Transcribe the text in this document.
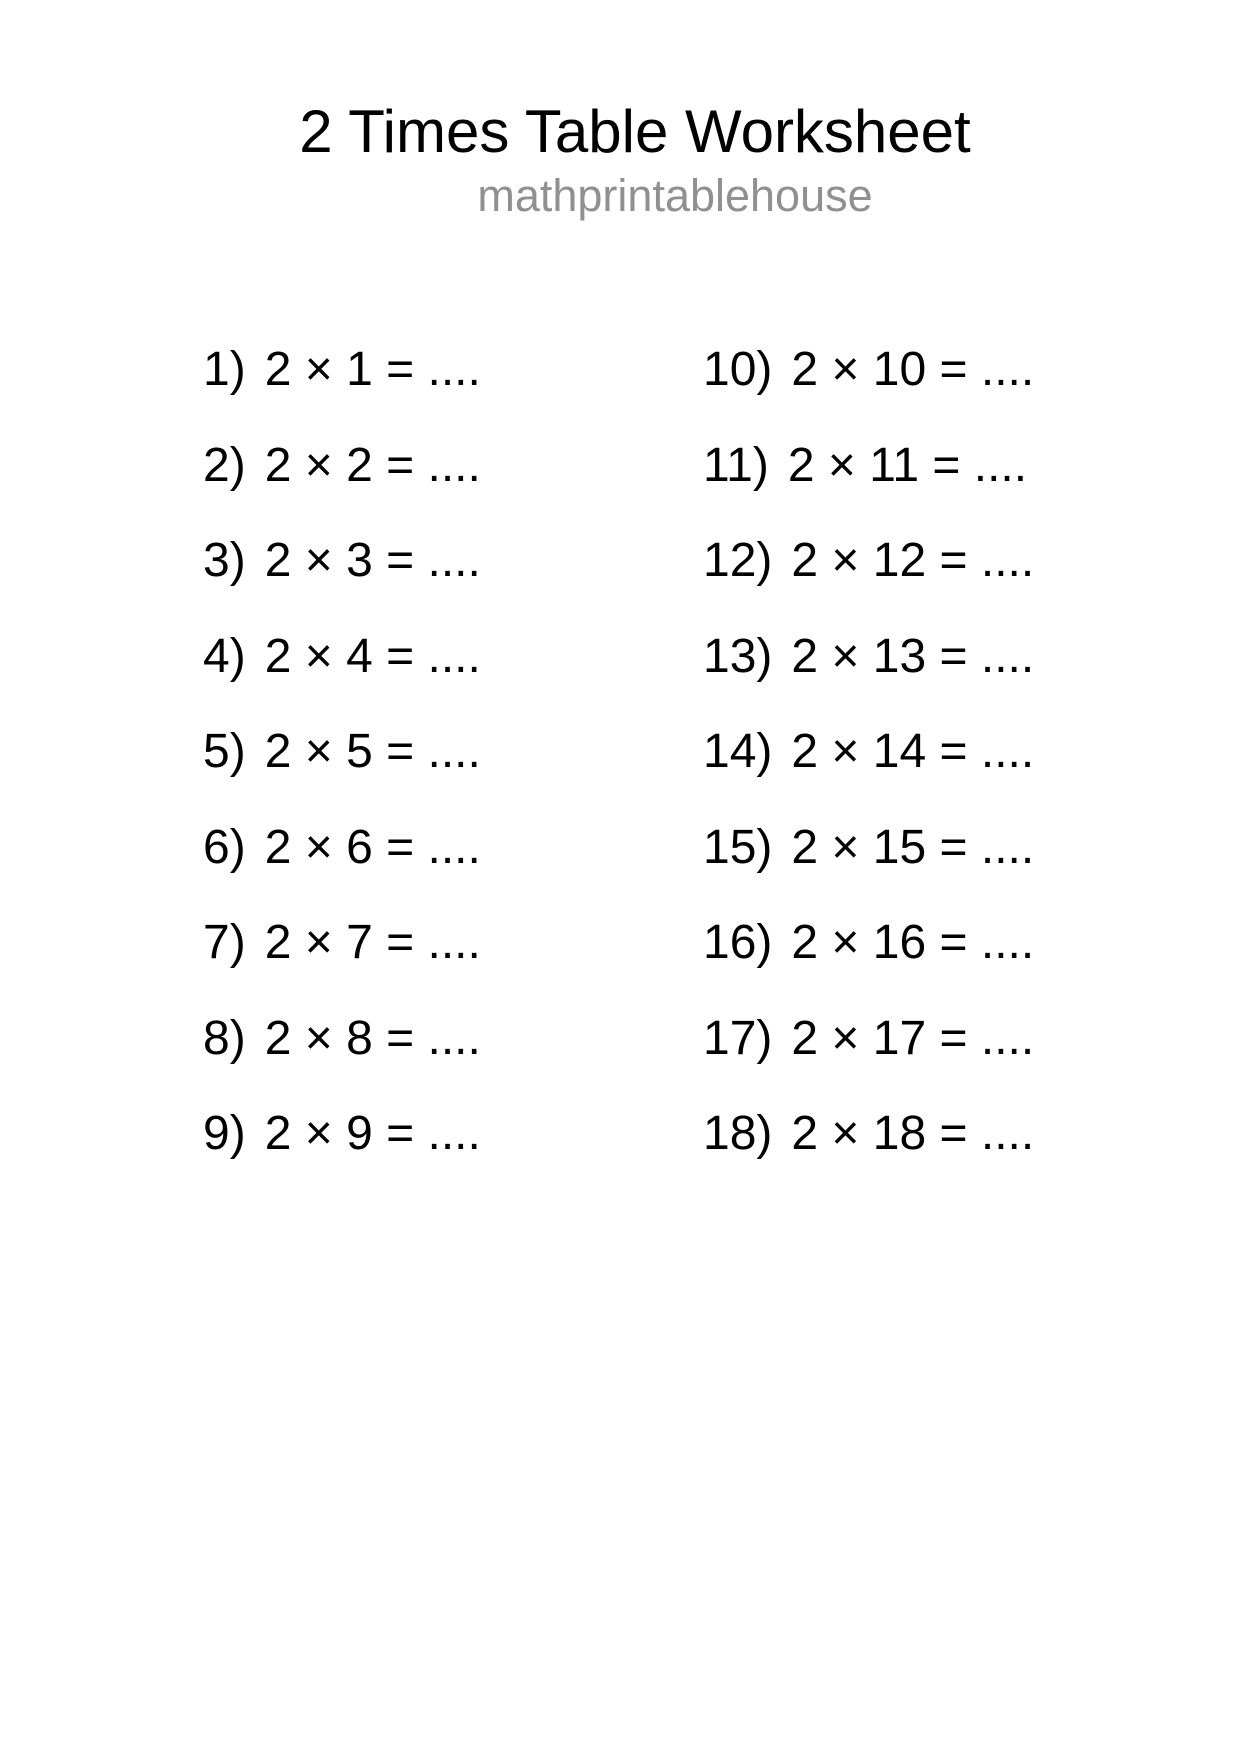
2 Times Table Worksheet
mathprintablehouse
1) 2 × 1 = ....
2) 2 × 2 = ....
3) 2 × 3 = ....
4) 2 × 4 = ....
5) 2 × 5 = ....
6) 2 × 6 = ....
7) 2 × 7 = ....
8) 2 × 8 = ....
9) 2 × 9 = ....
10) 2 × 10 = ....
11) 2 × 11 = ....
12) 2 × 12 = ....
13) 2 × 13 = ....
14) 2 × 14 = ....
15) 2 × 15 = ....
16) 2 × 16 = ....
17) 2 × 17 = ....
18) 2 × 18 = ....
